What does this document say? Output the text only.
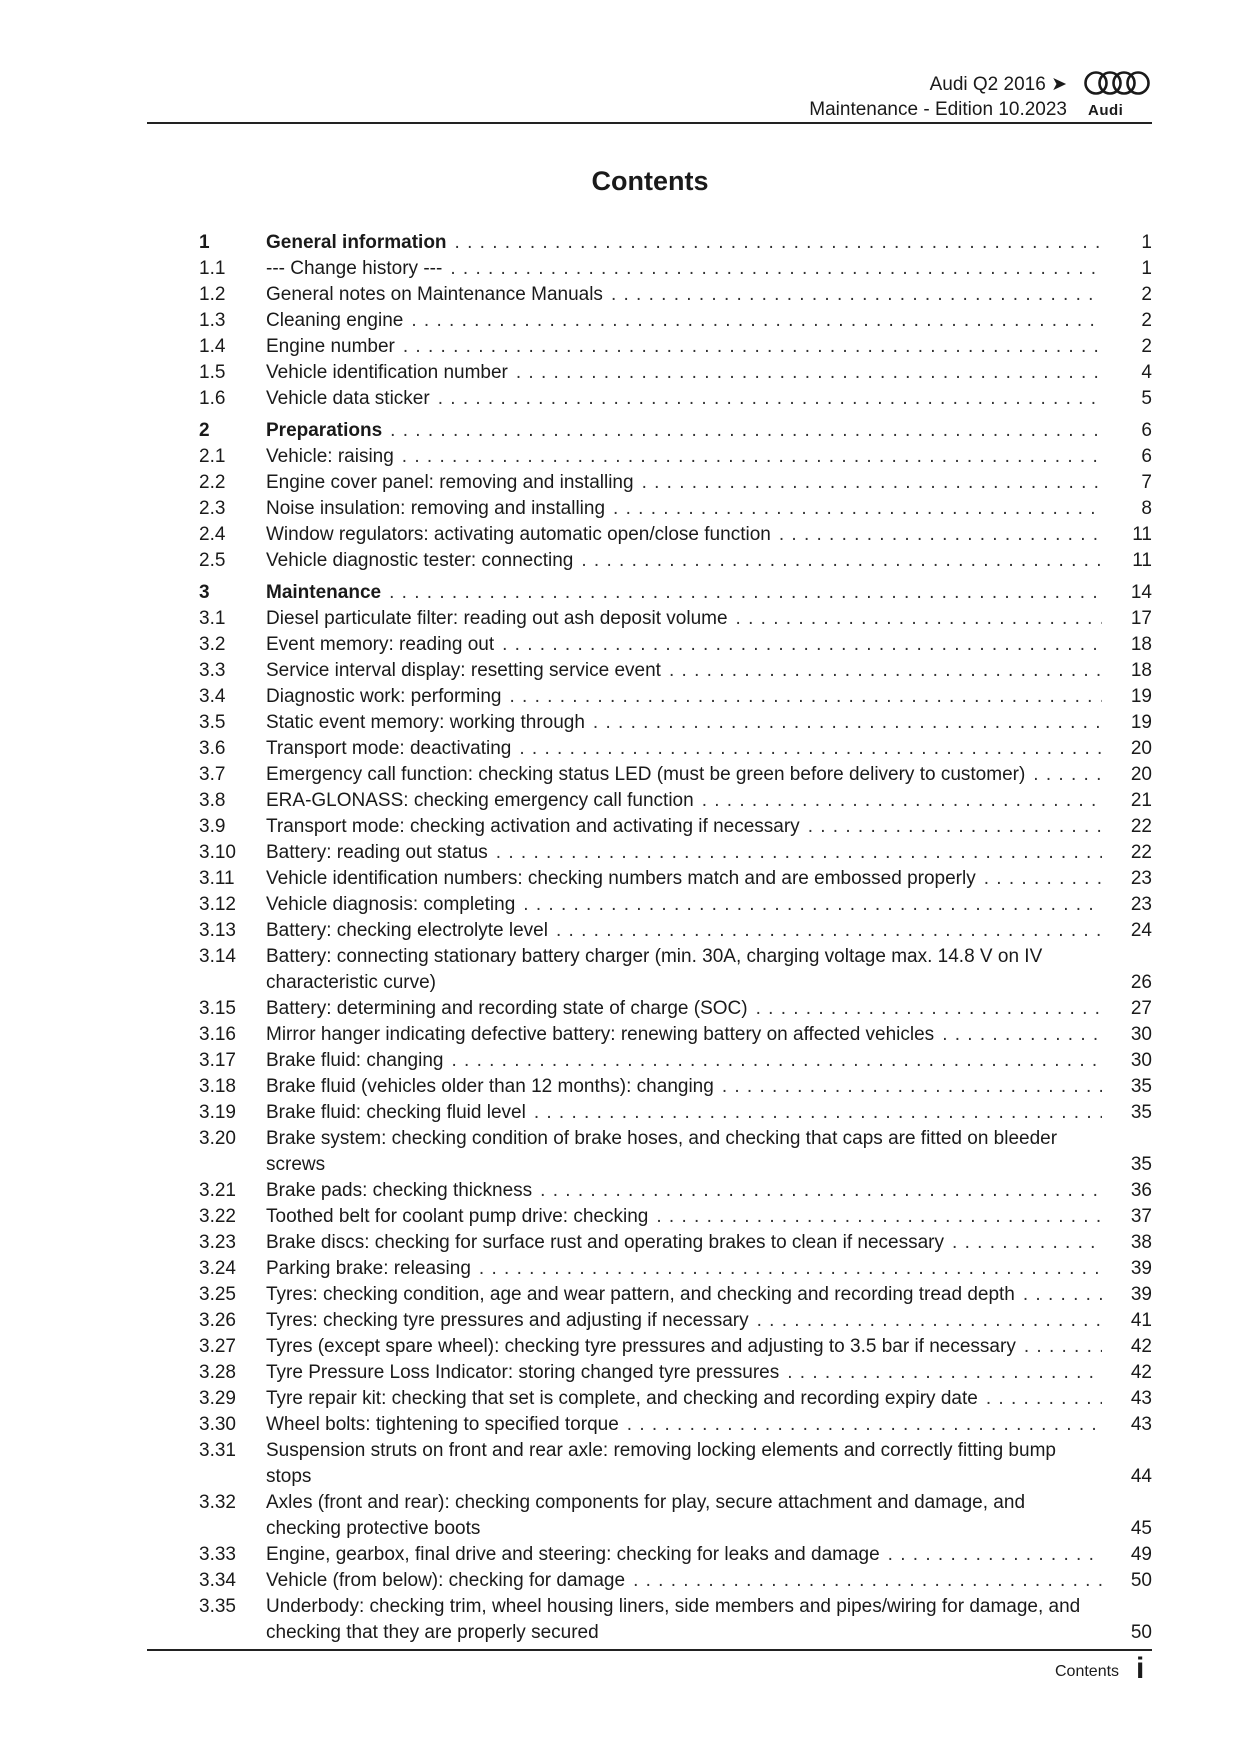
Audi Q2 2016 ➤
Maintenance - Edition 10.2023 Audi
Contents
1	General information . . .	1
1.1	--- Change history --- . . .	1
1.2	General notes on Maintenance Manuals . . .	2
1.3	Cleaning engine . . .	2
1.4	Engine number . . .	2
1.5	Vehicle identification number . . .	4
1.6	Vehicle data sticker . . .	5
2	Preparations . . .	6
2.1	Vehicle: raising . . .	6
2.2	Engine cover panel: removing and installing . . .	7
2.3	Noise insulation: removing and installing . . .	8
2.4	Window regulators: activating automatic open/close function . . .	11
2.5	Vehicle diagnostic tester: connecting . . .	11
3	Maintenance . . .	14
3.1	Diesel particulate filter: reading out ash deposit volume . . .	17
3.2	Event memory: reading out . . .	18
3.3	Service interval display: resetting service event . . .	18
3.4	Diagnostic work: performing . . .	19
3.5	Static event memory: working through . . .	19
3.6	Transport mode: deactivating . . .	20
3.7	Emergency call function: checking status LED (must be green before delivery to customer) . . .	20
3.8	ERA-GLONASS: checking emergency call function . . .	21
3.9	Transport mode: checking activation and activating if necessary . . .	22
3.10	Battery: reading out status . . .	22
3.11	Vehicle identification numbers: checking numbers match and are embossed properly . . .	23
3.12	Vehicle diagnosis: completing . . .	23
3.13	Battery: checking electrolyte level . . .	24
3.14	Battery: connecting stationary battery charger (min. 30A, charging voltage max. 14.8 V on IV characteristic curve)	26
3.15	Battery: determining and recording state of charge (SOC) . . .	27
3.16	Mirror hanger indicating defective battery: renewing battery on affected vehicles . . .	30
3.17	Brake fluid: changing . . .	30
3.18	Brake fluid (vehicles older than 12 months): changing . . .	35
3.19	Brake fluid: checking fluid level . . .	35
3.20	Brake system: checking condition of brake hoses, and checking that caps are fitted on bleeder screws	35
3.21	Brake pads: checking thickness . . .	36
3.22	Toothed belt for coolant pump drive: checking . . .	37
3.23	Brake discs: checking for surface rust and operating brakes to clean if necessary . . .	38
3.24	Parking brake: releasing . . .	39
3.25	Tyres: checking condition, age and wear pattern, and checking and recording tread depth . . .	39
3.26	Tyres: checking tyre pressures and adjusting if necessary . . .	41
3.27	Tyres (except spare wheel): checking tyre pressures and adjusting to 3.5 bar if necessary . . .	42
3.28	Tyre Pressure Loss Indicator: storing changed tyre pressures . . .	42
3.29	Tyre repair kit: checking that set is complete, and checking and recording expiry date . . .	43
3.30	Wheel bolts: tightening to specified torque . . .	43
3.31	Suspension struts on front and rear axle: removing locking elements and correctly fitting bump stops	44
3.32	Axles (front and rear): checking components for play, secure attachment and damage, and checking protective boots	45
3.33	Engine, gearbox, final drive and steering: checking for leaks and damage . . .	49
3.34	Vehicle (from below): checking for damage . . .	50
3.35	Underbody: checking trim, wheel housing liners, side members and pipes/wiring for damage, and checking that they are properly secured	50
Contents i
